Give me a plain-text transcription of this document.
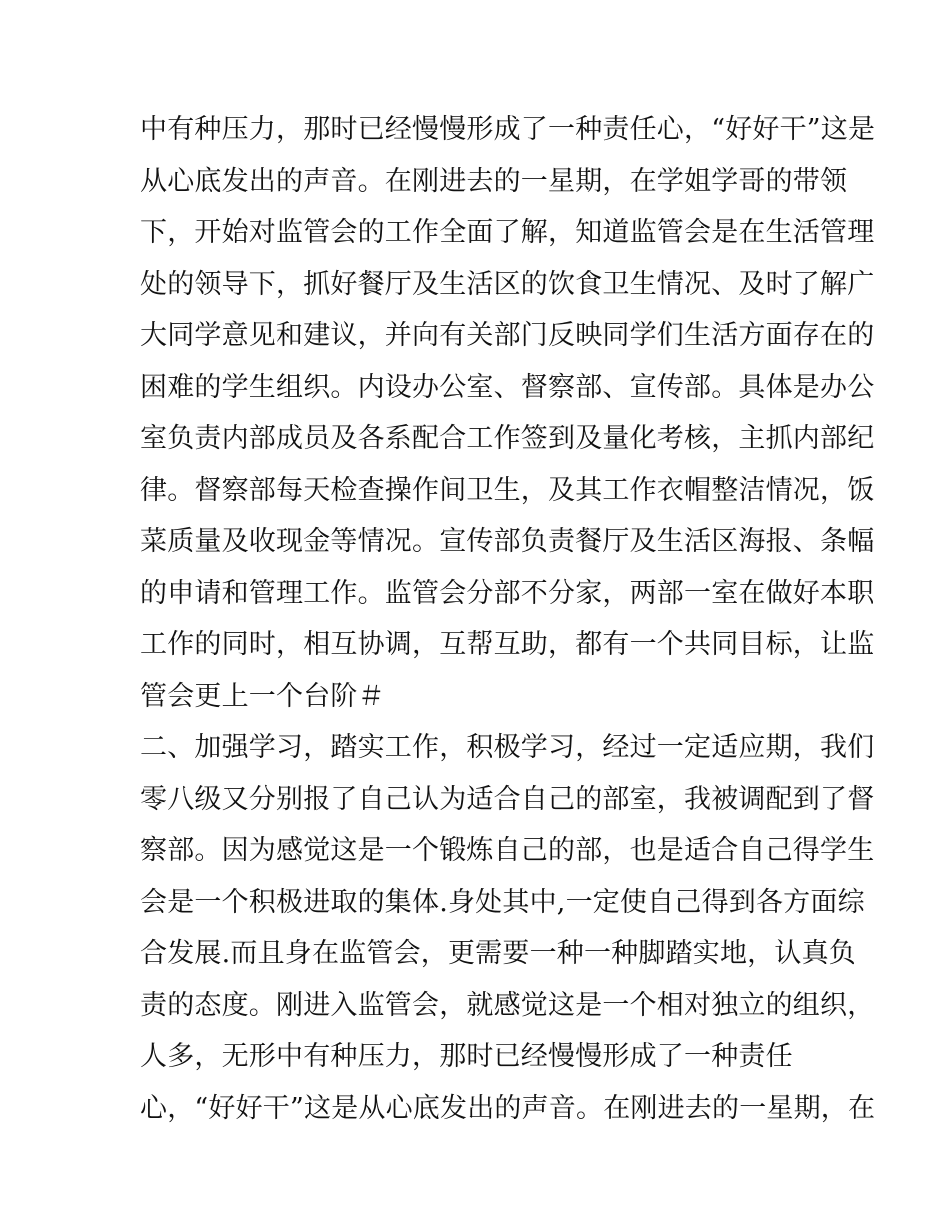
中有种压力，那时已经慢慢形成了一种责任心，“好好干”这是
从心底发出的声音。在刚进去的一星期，在学姐学哥的带领
下，开始对监管会的工作全面了解，知道监管会是在生活管理
处的领导下，抓好餐厅及生活区的饮食卫生情况、及时了解广
大同学意见和建议，并向有关部门反映同学们生活方面存在的
困难的学生组织。内设办公室、督察部、宣传部。具体是办公
室负责内部成员及各系配合工作签到及量化考核，主抓内部纪
律。督察部每天检查操作间卫生，及其工作衣帽整洁情况，饭
菜质量及收现金等情况。宣传部负责餐厅及生活区海报、条幅
的申请和管理工作。监管会分部不分家，两部一室在做好本职
工作的同时，相互协调，互帮互助，都有一个共同目标，让监
管会更上一个台阶＃
二、加强学习，踏实工作，积极学习，经过一定适应期，我们
零八级又分别报了自己认为适合自己的部室，我被调配到了督
察部。因为感觉这是一个锻炼自己的部，也是适合自己得学生
会是一个积极进取的集体.身处其中,一定使自己得到各方面综
合发展.而且身在监管会，更需要一种一种脚踏实地，认真负
责的态度。刚进入监管会，就感觉这是一个相对独立的组织，
人多，无形中有种压力，那时已经慢慢形成了一种责任
心，“好好干”这是从心底发出的声音。在刚进去的一星期，在
